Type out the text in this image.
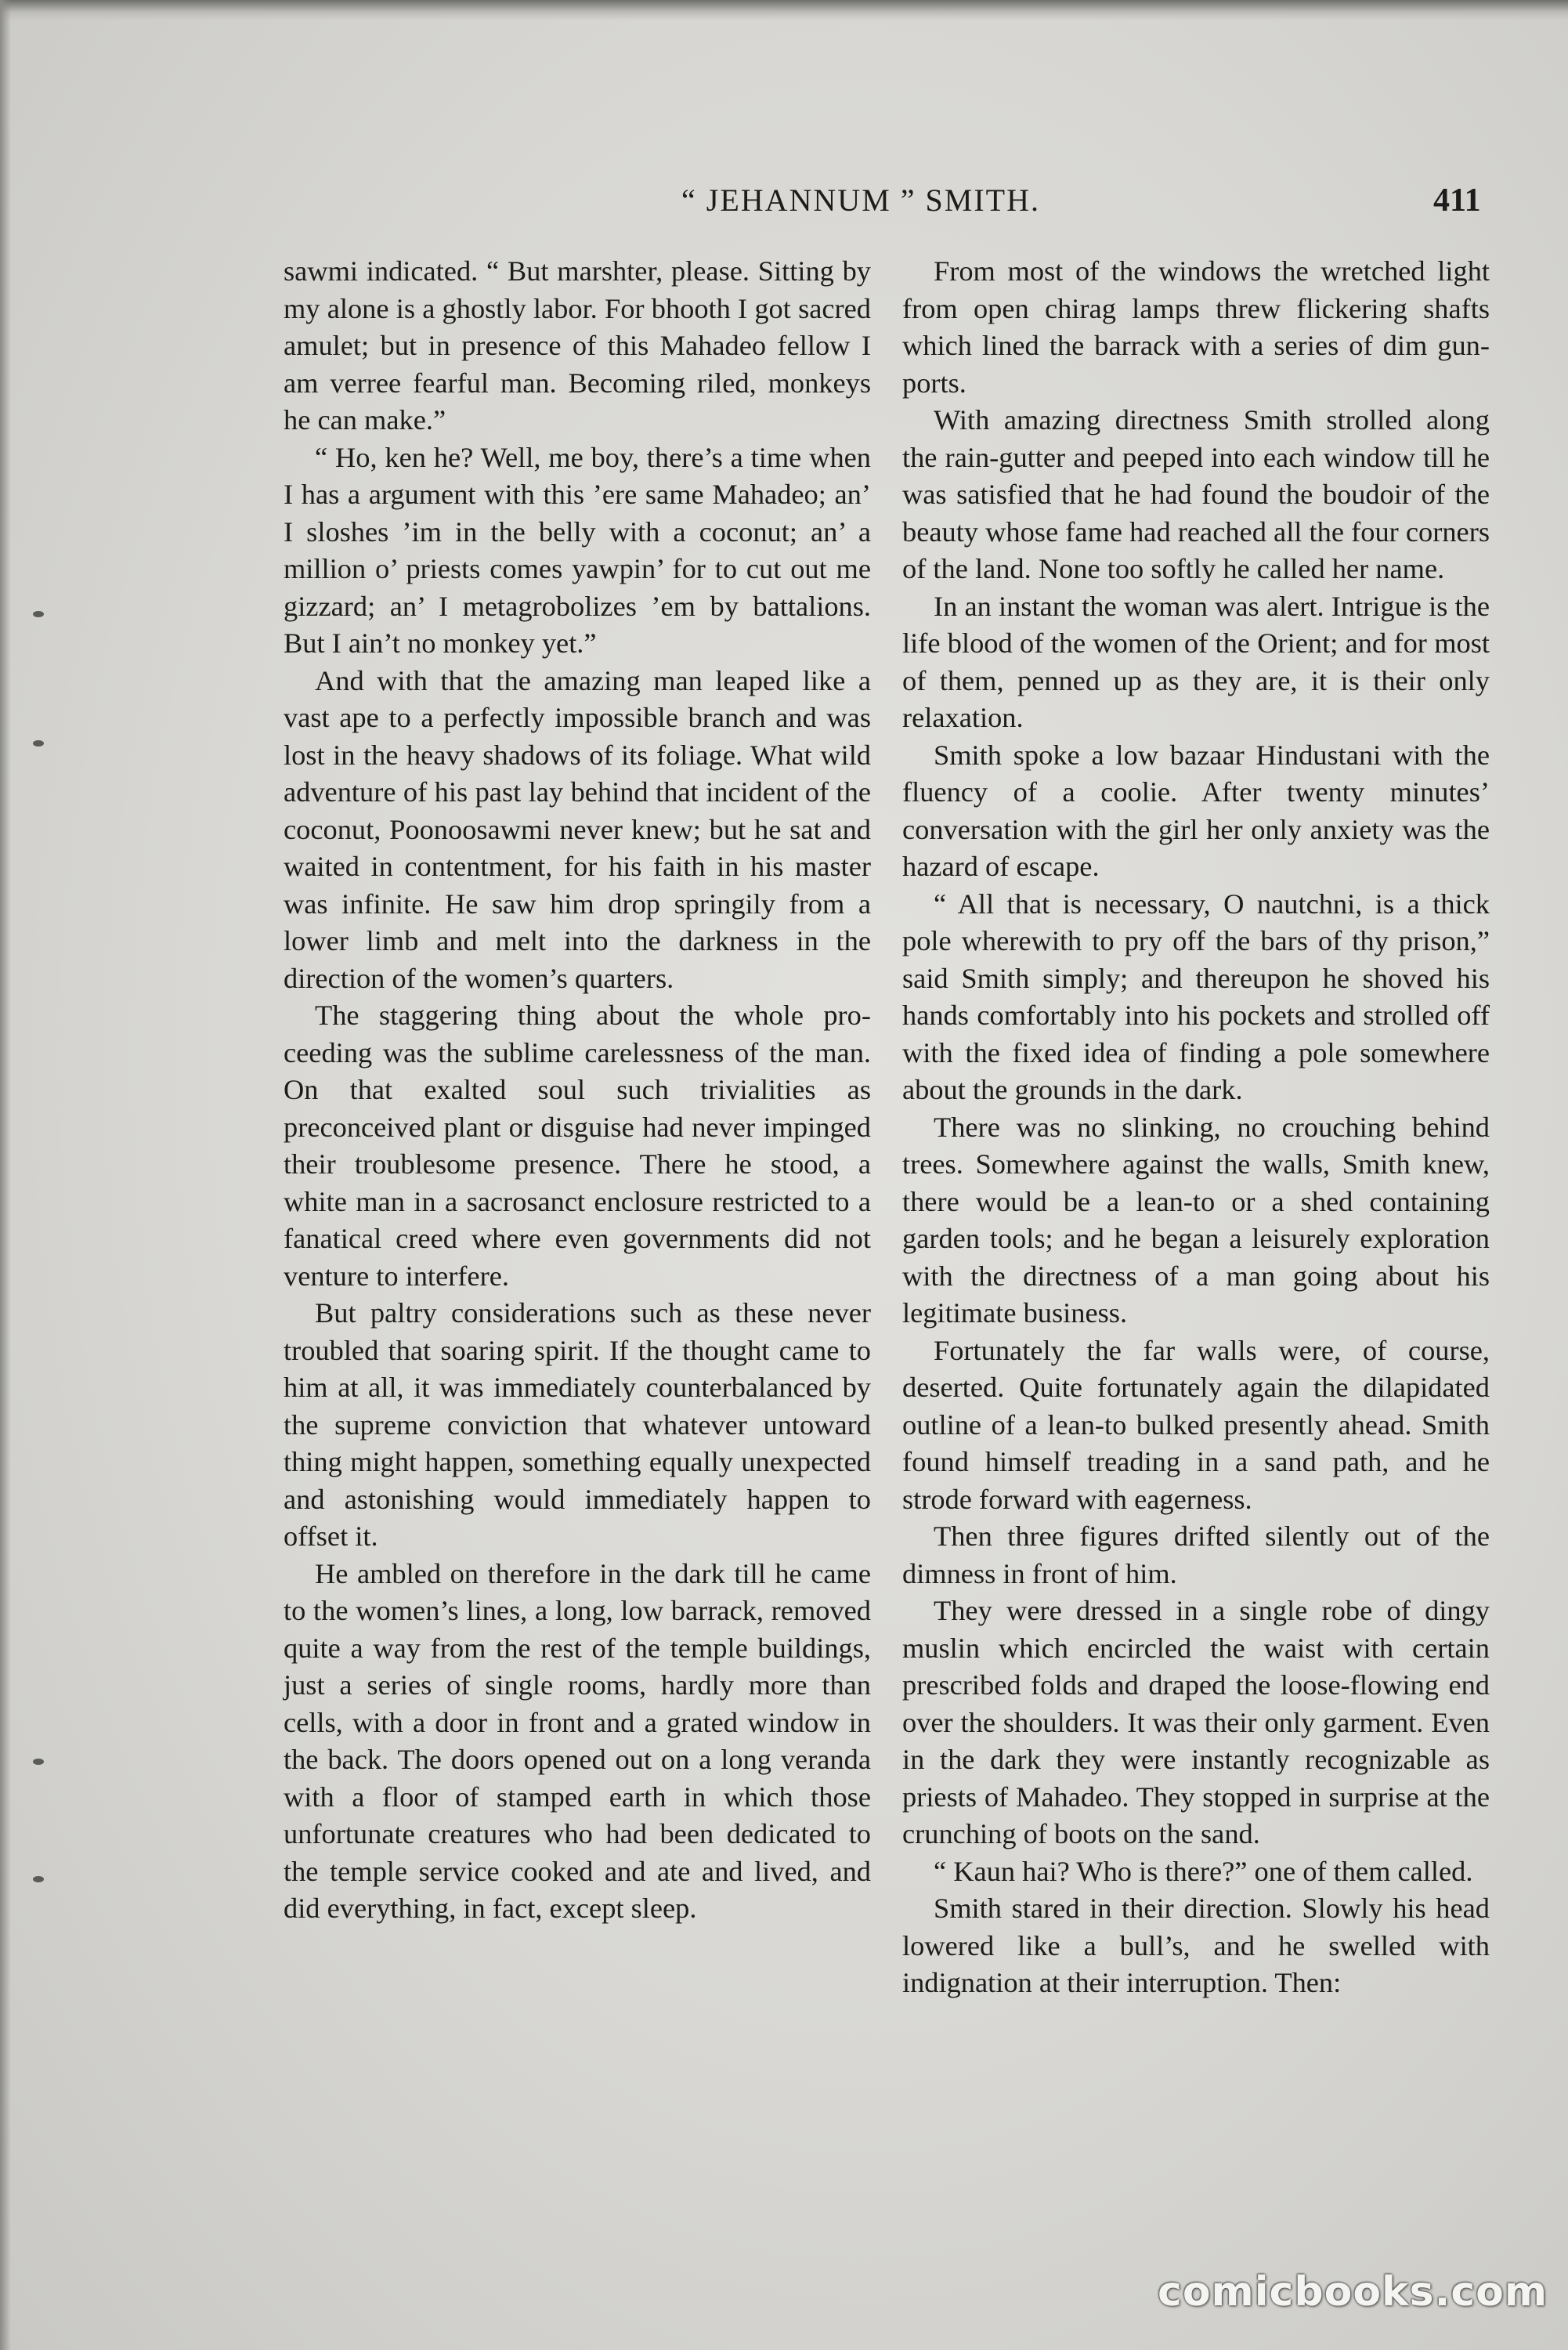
“ JEHANNUM ” SMITH.	411

sawmi indicated. “ But marshter, please. Sitting by my alone is a ghostly labor. For bhooth I got sacred amulet; but in presence of this Mahadeo fellow I am verree fearful man. Becoming riled, monkeys he can make.”

“ Ho, ken he? Well, me boy, there’s a time when I has a argument with this ’ere same Mahadeo; an’ I sloshes ’im in the belly with a coconut; an’ a million o’ priests comes yawpin’ for to cut out me gizzard; an’ I metagrobolizes ’em by battalions. But I ain’t no monkey yet.”

And with that the amazing man leaped like a vast ape to a perfectly impossible branch and was lost in the heavy shadows of its foliage. What wild adventure of his past lay behind that incident of the coconut, Poonoosawmi never knew; but he sat and waited in contentment, for his faith in his master was infinite. He saw him drop springily from a lower limb and melt into the darkness in the direction of the women’s quarters.

The staggering thing about the whole proceeding was the sublime carelessness of the man. On that exalted soul such trivialities as preconceived plant or disguise had never impinged their troublesome presence. There he stood, a white man in a sacrosanct enclosure restricted to a fanatical creed where even governments did not venture to interfere.

But paltry considerations such as these never troubled that soaring spirit. If the thought came to him at all, it was immediately counterbalanced by the supreme conviction that whatever untoward thing might happen, something equally unexpected and astonishing would immediately happen to offset it.

He ambled on therefore in the dark till he came to the women’s lines, a long, low barrack, removed quite a way from the rest of the temple buildings, just a series of single rooms, hardly more than cells, with a door in front and a grated window in the back. The doors opened out on a long veranda with a floor of stamped earth in which those unfortunate creatures who had been dedicated to the temple service cooked and ate and lived, and did everything, in fact, except sleep.

From most of the windows the wretched light from open chirag lamps threw flickering shafts which lined the barrack with a series of dim gun-ports.

With amazing directness Smith strolled along the rain-gutter and peeped into each window till he was satisfied that he had found the boudoir of the beauty whose fame had reached all the four corners of the land. None too softly he called her name.

In an instant the woman was alert. Intrigue is the life blood of the women of the Orient; and for most of them, penned up as they are, it is their only relaxation.

Smith spoke a low bazaar Hindustani with the fluency of a coolie. After twenty minutes’ conversation with the girl her only anxiety was the hazard of escape.

“ All that is necessary, O nautchni, is a thick pole wherewith to pry off the bars of thy prison,” said Smith simply; and thereupon he shoved his hands comfortably into his pockets and strolled off with the fixed idea of finding a pole somewhere about the grounds in the dark.

There was no slinking, no crouching behind trees. Somewhere against the walls, Smith knew, there would be a lean-to or a shed containing garden tools; and he began a leisurely exploration with the directness of a man going about his legitimate business.

Fortunately the far walls were, of course, deserted. Quite fortunately again the dilapidated outline of a lean-to bulked presently ahead. Smith found himself treading in a sand path, and he strode forward with eagerness.

Then three figures drifted silently out of the dimness in front of him.

They were dressed in a single robe of dingy muslin which encircled the waist with certain prescribed folds and draped the loose-flowing end over the shoulders. It was their only garment. Even in the dark they were instantly recognizable as priests of Mahadeo. They stopped in surprise at the crunching of boots on the sand.

“ Kaun hai? Who is there?” one of them called.

Smith stared in their direction. Slowly his head lowered like a bull’s, and he swelled with indignation at their interruption. Then:

comicbooks.com
